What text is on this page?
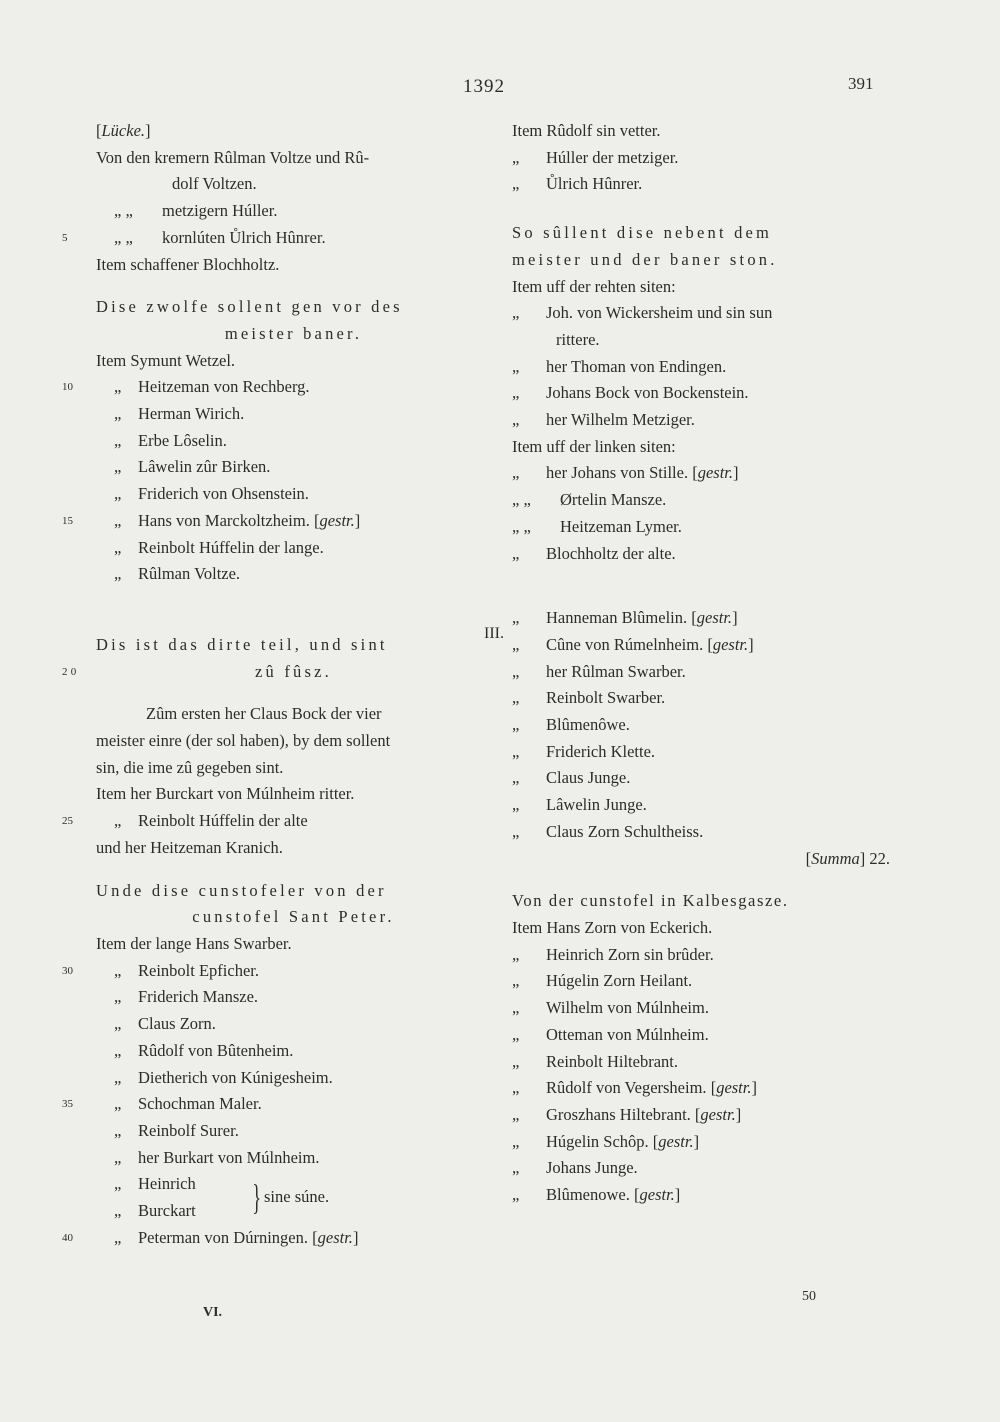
1392	391
[Lücke.]
Von den kremern Rûlman Voltze und Rû-
dolf Voltzen.
„ „ metzigern Húller.
5	„ „ kornlúten Ůlrich Hûnrer.
Item schaffener Blochholtz.
Dise zwolfe sollent gen vor des
meister baner.
Item Symunt Wetzel.
10 „ Heitzeman von Rechberg.
„ Herman Wirich.
„ Erbe Lôselin.
„ Lâwelin zûr Birken.
„ Friderich von Ohsenstein.
15 „ Hans von Marckoltzheim. [gestr.]
„ Reinbolt Húffelin der lange.
„ Rûlman Voltze.
Dis ist das dirte teil, und sint
20	zû fûsz.
Zûm ersten her Claus Bock der vier
meister einre (der sol haben), by dem sollent
sin, die ime zû gegeben sint.
Item her Burckart von Múlnheim ritter.
25 „ Reinbolt Húffelin der alte
und her Heitzeman Kranich.
Unde dise cunstofeler von der
cunstofel Sant Peter.
Item der lange Hans Swarber.
30 „ Reinbolt Epficher.
„ Friderich Mansze.
„ Claus Zorn.
„ Rûdolf von Bûtenheim.
„ Dietherich von Kúnigesheim.
35 „ Schochman Maler.
„ Reinbolf Surer.
„ her Burkart von Múlnheim.
„ Heinrich } sine súne.
„ Burckart
40 „ Peterman von Dúrningen. [gestr.]
Item Rûdolf sin vetter.
„ Húller der metziger.
„ Ůlrich Hûnrer.
So sûllent dise nebent dem
meister und der baner ston.
Item uff der rehten siten:
„ Joh. von Wickersheim und sin sun
rittere.
„ her Thoman von Endingen.
„ Johans Bock von Bockenstein.
„ her Wilhelm Metziger.
Item uff der linken siten:
„ her Johans von Stille. [gestr.]
„ „ Ørtelin Mansze.
„ „ Heitzeman Lymer.
„ Blochholtz der alte.
„ Hanneman Blûmelin. [gestr.]
„ Cûne von Rúmelnheim. [gestr.]
„ her Rûlman Swarber.
„ Reinbolt Swarber.
„ Blûmenôwe.
„ Friderich Klette.
„ Claus Junge.
„ Lâwelin Junge.
„ Claus Zorn Schultheiss.
[Summa] 22.
Von der cunstofel in Kalbesgasze.
Item Hans Zorn von Eckerich.
„ Heinrich Zorn sin brûder.
„ Húgelin Zorn Heilant.
„ Wilhelm von Múlnheim.
„ Otteman von Múlnheim.
„ Reinbolt Hiltebrant.
„ Rûdolf von Vegersheim. [gestr.]
„ Groszhans Hiltebrant. [gestr.]
„ Húgelin Schôp. [gestr.]
„ Johans Junge.
„ Blûmenowe. [gestr.]
III.
VI.
50
